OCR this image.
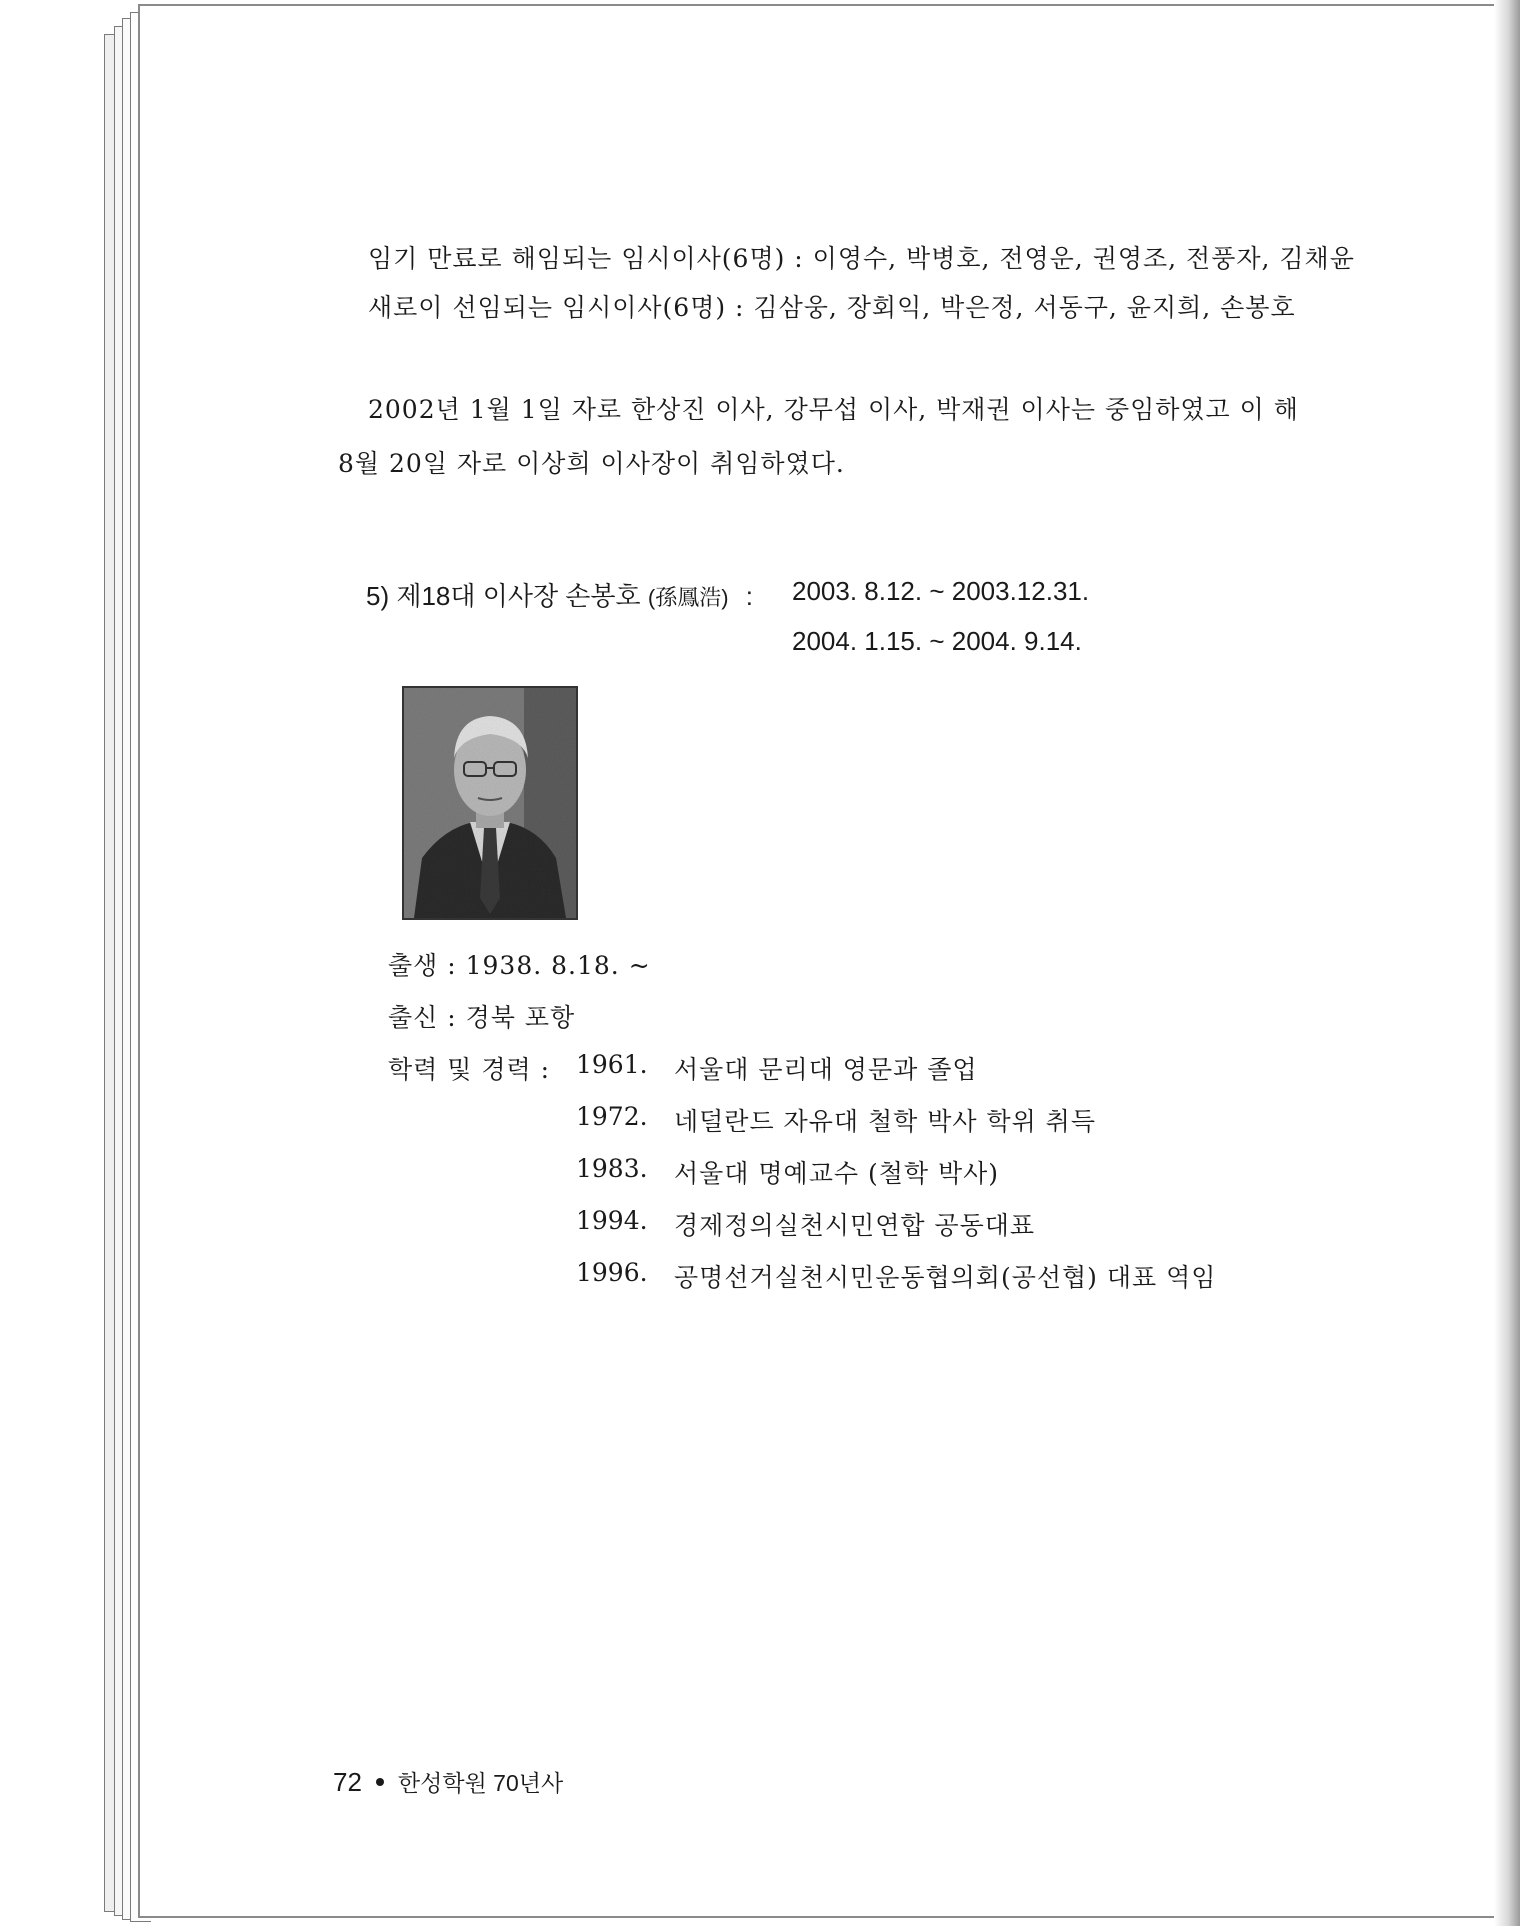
임기 만료로 해임되는 임시이사(6명) : 이영수, 박병호, 전영운, 권영조, 전풍자, 김채윤
새로이 선임되는 임시이사(6명) : 김삼웅, 장회익, 박은정, 서동구, 윤지희, 손봉호
2002년 1월 1일 자로 한상진 이사, 강무섭 이사, 박재권 이사는 중임하였고 이 해
8월 20일 자로 이상희 이사장이 취임하였다.
5) 제18대 이사장 손봉호 (孫鳳浩) : 2003. 8.12. ~ 2003.12.31.
2004. 1.15. ~ 2004. 9.14.
출생 : 1938. 8.18. ~
출신 : 경북 포항
학력 및 경력 : 1961. 서울대 문리대 영문과 졸업
1972. 네덜란드 자유대 철학 박사 학위 취득
1983. 서울대 명예교수 (철학 박사)
1994. 경제정의실천시민연합 공동대표
1996. 공명선거실천시민운동협의회(공선협) 대표 역임
72 한성학원 70년사
